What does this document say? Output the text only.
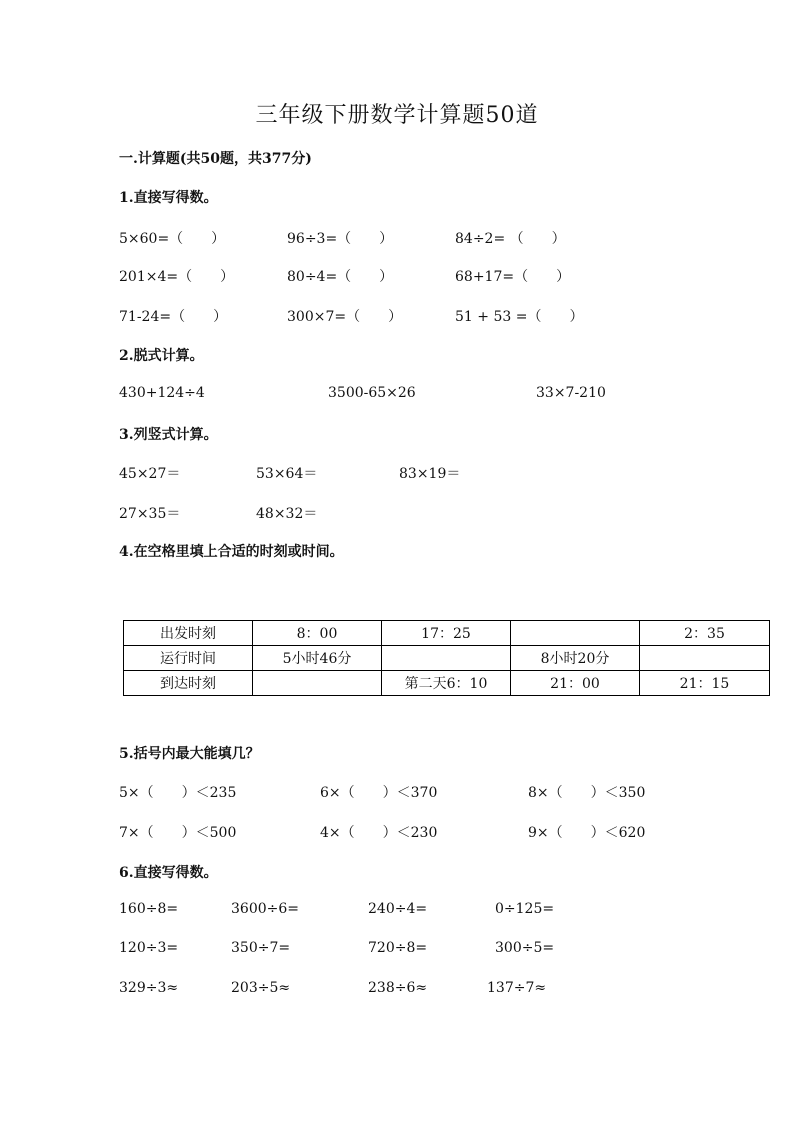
三年级下册数学计算题50道
一.计算题(共50题，共377分)
1.直接写得数。
5×60=（　　）	96÷3=（　　）	84÷2= （　　）
201×4=（　　）	80÷4=（　　）	68+17=（　　）
71-24=（　　）	300×7=（　　）	51 + 53 =（　　）
2.脱式计算。
430+124÷4	3500-65×26	33×7-210
3.列竖式计算。
45×27＝	53×64＝	83×19＝
27×35＝	48×32＝
4.在空格里填上合适的时刻或时间。
出发时刻	8：00	17：25		2：35
运行时间	5小时46分		8小时20分	
到达时刻		第二天6：10	21：00	21：15
5.括号内最大能填几？
5×（　　）＜235	6×（　　）＜370	8×（　　）＜350
7×（　　）＜500	4×（　　）＜230	9×（　　）＜620
6.直接写得数。
160÷8=	3600÷6=	240÷4=	0÷125=
120÷3=	350÷7=	720÷8=	300÷5=
329÷3≈	203÷5≈	238÷6≈	137÷7≈
